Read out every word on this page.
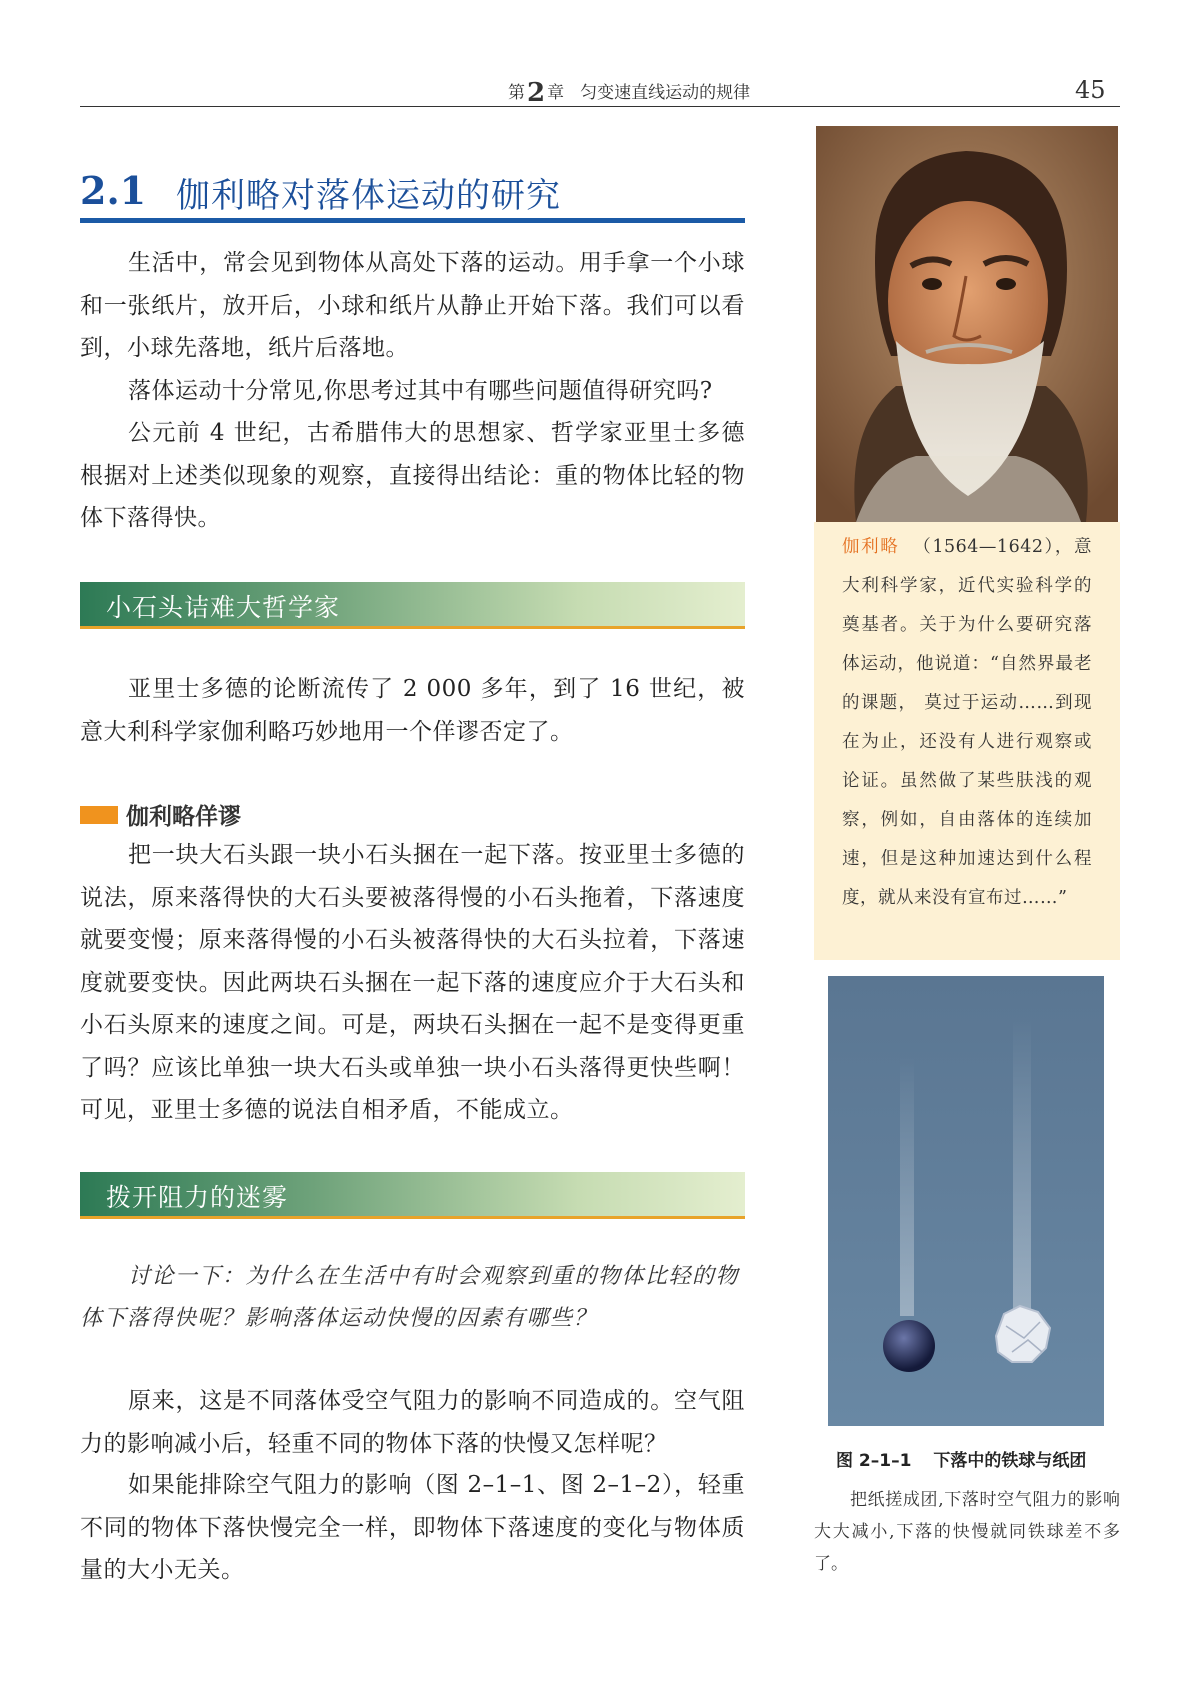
第2 章 匀变速直线运动的规律	45
2.1 伽利略对落体运动的研究

生活中，常会见到物体从高处下落的运动。用手拿一个小球和一张纸片，放开后，小球和纸片从静止开始下落。我们可以看到，小球先落地，纸片后落地。

落体运动十分常见,你思考过其中有哪些问题值得研究吗?

公元前 4 世纪，古希腊伟大的思想家、哲学家亚里士多德根据对上述类似现象的观察，直接得出结论：重的物体比轻的物体下落得快。

小石头诘难大哲学家

亚里士多德的论断流传了 2 000 多年，到了 16 世纪，被意大利科学家伽利略巧妙地用一个佯谬否定了。

伽利略佯谬

把一块大石头跟一块小石头捆在一起下落。按亚里士多德的说法，原来落得快的大石头要被落得慢的小石头拖着，下落速度就要变慢；原来落得慢的小石头被落得快的大石头拉着，下落速度就要变快。因此两块石头捆在一起下落的速度应介于大石头和小石头原来的速度之间。可是，两块石头捆在一起不是变得更重了吗？应该比单独一块大石头或单独一块小石头落得更快些啊！可见，亚里士多德的说法自相矛盾，不能成立。

拨开阻力的迷雾

讨论一下：为什么在生活中有时会观察到重的物体比轻的物体下落得快呢？影响落体运动快慢的因素有哪些？

原来，这是不同落体受空气阻力的影响不同造成的。空气阻力的影响减小后，轻重不同的物体下落的快慢又怎样呢？

如果能排除空气阻力的影响（图 2–1–1、图 2–1–2），轻重不同的物体下落快慢完全一样，即物体下落速度的变化与物体质量的大小无关。

伽利略 （1564—1642），意大利科学家，近代实验科学的奠基者。关于为什么要研究落体运动，他说道：“自然界最老的课题， 莫过于运动……到现在为止，还没有人进行观察或论证。虽然做了某些肤浅的观察，例如，自由落体的连续加速，但是这种加速达到什么程度，就从来没有宣布过……”

图 2–1–1 下落中的铁球与纸团

把纸搓成团,下落时空气阻力的影响大大减小,下落的快慢就同铁球差不多了。
